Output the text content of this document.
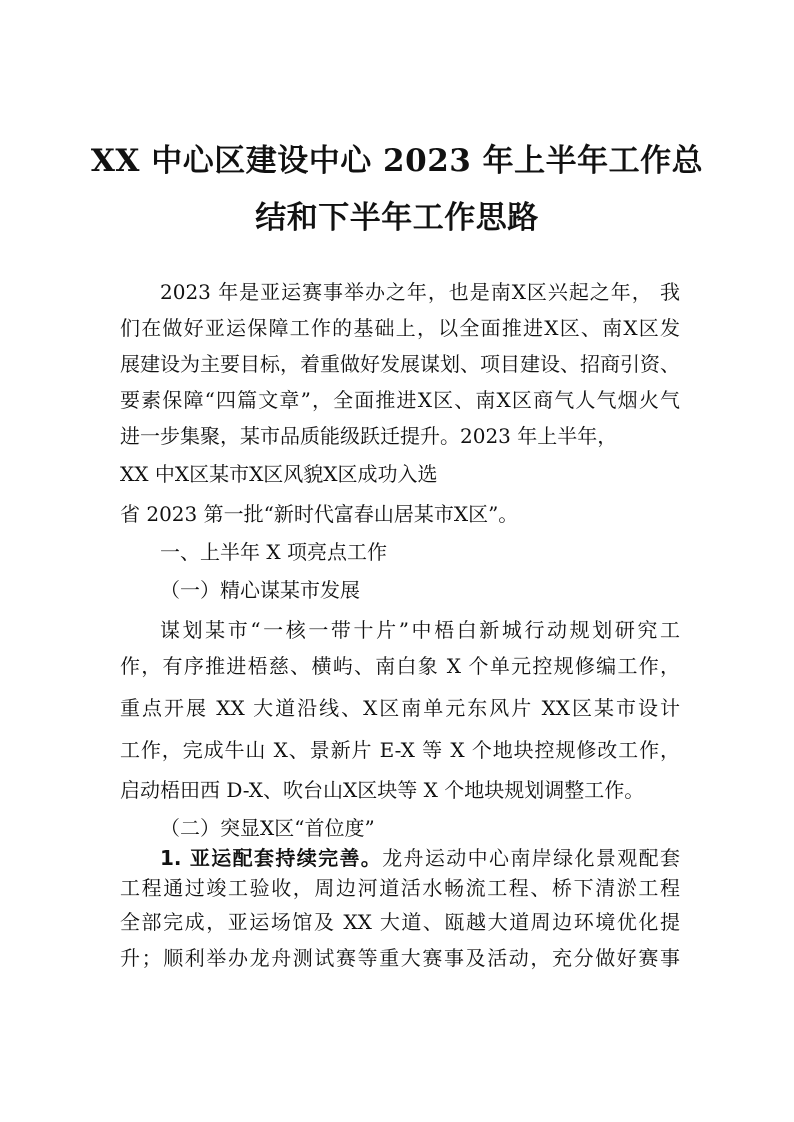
XX 中心区建设中心 2023 年上半年工作总
结和下半年工作思路
2023 年是亚运赛事举办之年，也是南X区兴起之年， 我
们在做好亚运保障工作的基础上，以全面推进X区、南X区发
展建设为主要目标，着重做好发展谋划、项目建设、招商引资、
要素保障“四篇文章”，全面推进X区、南X区商气人气烟火气
进一步集聚，某市品质能级跃迁提升。2023 年上半年，
XX 中X区某市X区风貌X区成功入选
省 2023 第一批“新时代富春山居某市X区”。
一、上半年 X 项亮点工作
（一）精心谋某市发展
谋划某市“一核一带十片”中梧白新城行动规划研究工
作，有序推进梧慈、横屿、南白象 X 个单元控规修编工作，
重点开展 XX 大道沿线、X区南单元东风片 XX区某市设计
工作，完成牛山 X、景新片 E-X 等 X 个地块控规修改工作，
启动梧田西 D-X、吹台山X区块等 X 个地块规划调整工作。
（二）突显X区“首位度”
1. 亚运配套持续完善。龙舟运动中心南岸绿化景观配套
工程通过竣工验收，周边河道活水畅流工程、桥下清淤工程
全部完成，亚运场馆及 XX 大道、瓯越大道周边环境优化提
升；顺利举办龙舟测试赛等重大赛事及活动，充分做好赛事
